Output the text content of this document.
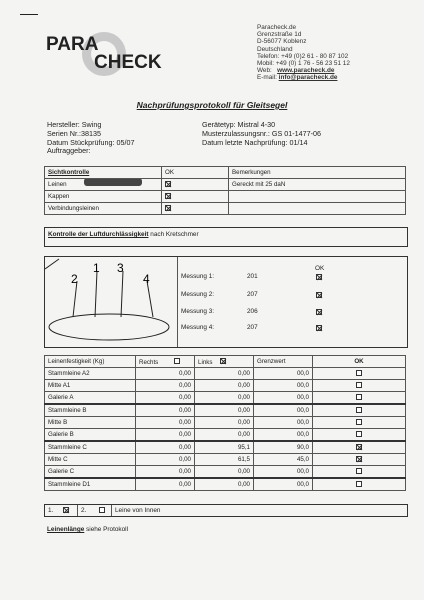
PARA
CHECK
Paracheck.de
Grenzstraße 1d
D-56077 Koblenz
Deutschland
Telefon: +49 (0)2 61 - 80 87 102
Mobil: +49 (0) 1 76 - 56 23 51 12
Web: www.paracheck.de
E-mail: info@paracheck.de
Nachprüfungsprotokoll für Gleitsegel
Hersteller: Swing
Serien Nr.:38135
Datum Stückprüfung: 05/07
Auftraggeber:
Gerätetyp: Mistral 4-30
Musterzulassungsnr.: GS 01-1477-06
Datum letzte Nachprüfung: 01/14
Sichtkontrolle	OK	Bemerkungen
Leinen		Gereckt mit 25 daN
Kappen		
Verbindungsleinen		
Kontrolle der Luftdurchlässigkeit nach Kretschmer
2
1 3
4
OK
Messung 1:	201
Messung 2:	207
Messung 3:	206
Messung 4:	207
Leinenfestigkeit (Kg)	Rechts	Links	Grenzwert	OK
Stammleine A2	0,00	0,00	00,0	
Mitte A1	0,00	0,00	00,0	
Galerie A	0,00	0,00	00,0	
Stammleine B	0,00	0,00	00,0	
Mitte B	0,00	0,00	00,0	
Galerie B	0,00	0,00	00,0	
Stammleine C	0,00	95,1	90,0	
Mitte C	0,00	61,5	45,0	
Galerie C	0,00	0,00	00,0	
Stammleine D1	0,00	0,00	00,0	
1.	2.	Leine von Innen
Leinenlänge siehe Protokoll
